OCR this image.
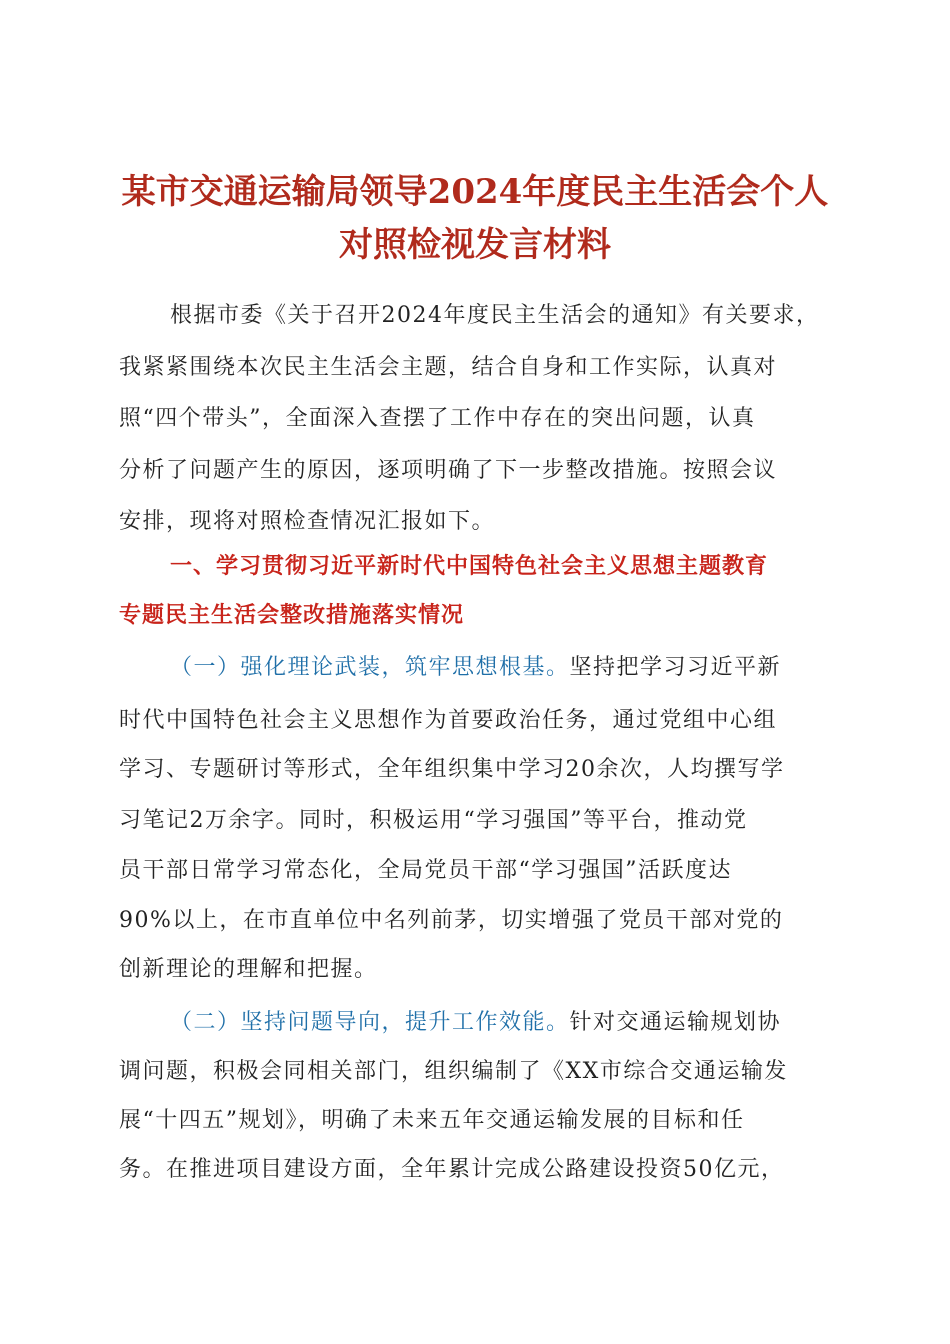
某市交通运输局领导2024年度民主生活会个人
对照检视发言材料
根据市委《关于召开2024年度民主生活会的通知》有关要求，
我紧紧围绕本次民主生活会主题，结合自身和工作实际，认真对
照“四个带头”，全面深入查摆了工作中存在的突出问题，认真
分析了问题产生的原因，逐项明确了下一步整改措施。按照会议
安排，现将对照检查情况汇报如下。
一、学习贯彻习近平新时代中国特色社会主义思想主题教育
专题民主生活会整改措施落实情况
（一）强化理论武装，筑牢思想根基。坚持把学习习近平新
时代中国特色社会主义思想作为首要政治任务，通过党组中心组
学习、专题研讨等形式，全年组织集中学习20余次，人均撰写学
习笔记2万余字。同时，积极运用“学习强国”等平台，推动党
员干部日常学习常态化，全局党员干部“学习强国”活跃度达
90%以上，在市直单位中名列前茅，切实增强了党员干部对党的
创新理论的理解和把握。
（二）坚持问题导向，提升工作效能。针对交通运输规划协
调问题，积极会同相关部门，组织编制了《XX市综合交通运输发
展“十四五”规划》，明确了未来五年交通运输发展的目标和任
务。在推进项目建设方面，全年累计完成公路建设投资50亿元，
